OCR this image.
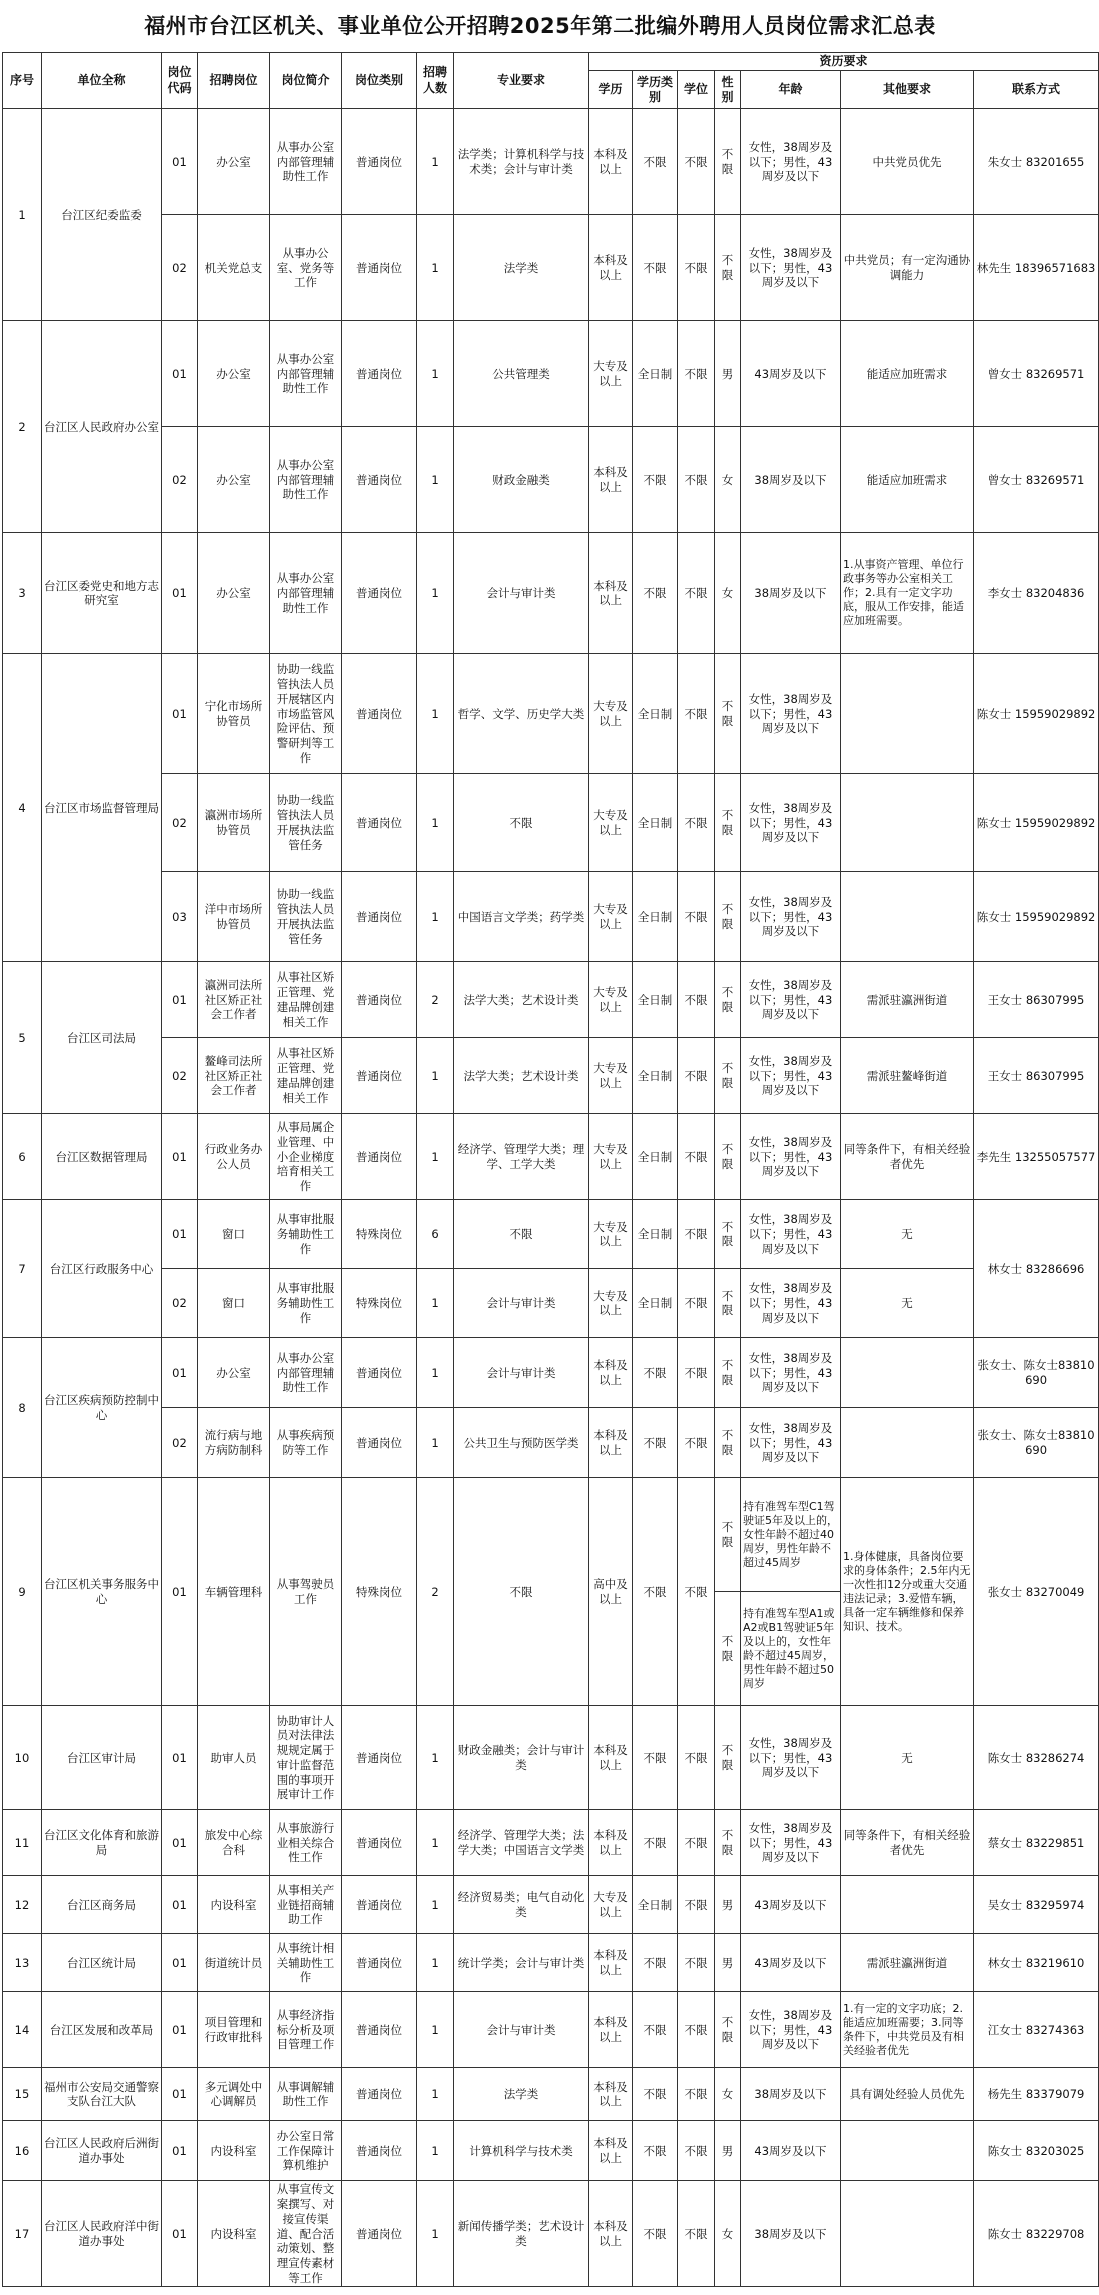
福州市台江区机关、事业单位公开招聘2025年第二批编外聘用人员岗位需求汇总表
序号	单位全称	岗位代码	招聘岗位	岗位简介	岗位类别	招聘人数	专业要求	资历要求						
								学历	学历类别	学位	性别	年龄	其他要求	联系方式
1	台江区纪委监委	01	办公室	从事办公室内部管理辅助性工作	普通岗位	1	法学类；计算机科学与技术类；会计与审计类	本科及以上	不限	不限	不限	女性，38周岁及以下；男性，43周岁及以下	中共党员优先	朱女士 83201655
		02	机关党总支	从事办公室、党务等工作	普通岗位	1	法学类	本科及以上	不限	不限	不限	女性，38周岁及以下；男性，43周岁及以下	中共党员；有一定沟通协调能力	林先生 18396571683
2	台江区人民政府办公室	01	办公室	从事办公室内部管理辅助性工作	普通岗位	1	公共管理类	大专及以上	全日制	不限	男	43周岁及以下	能适应加班需求	曾女士 83269571
		02	办公室	从事办公室内部管理辅助性工作	普通岗位	1	财政金融类	本科及以上	不限	不限	女	38周岁及以下	能适应加班需求	曾女士 83269571
3	台江区委党史和地方志研究室	01	办公室	从事办公室内部管理辅助性工作	普通岗位	1	会计与审计类	本科及以上	不限	不限	女	38周岁及以下	1.从事资产管理、单位行政事务等办公室相关工作；2.具有一定文字功底，服从工作安排，能适应加班需要。	李女士 83204836
4	台江区市场监督管理局	01	宁化市场所协管员	协助一线监管执法人员开展辖区内市场监管风险评估、预警研判等工作	普通岗位	1	哲学、文学、历史学大类	大专及以上	全日制	不限	不限	女性，38周岁及以下；男性，43周岁及以下		陈女士 15959029892
		02	瀛洲市场所协管员	协助一线监管执法人员开展执法监管任务	普通岗位	1	不限	大专及以上	全日制	不限	不限	女性，38周岁及以下；男性，43周岁及以下		陈女士 15959029892
		03	洋中市场所协管员	协助一线监管执法人员开展执法监管任务	普通岗位	1	中国语言文学类；药学类	大专及以上	全日制	不限	不限	女性，38周岁及以下；男性，43周岁及以下		陈女士 15959029892
5	台江区司法局	01	瀛洲司法所社区矫正社会工作者	从事社区矫正管理、党建品牌创建相关工作	普通岗位	2	法学大类；艺术设计类	大专及以上	全日制	不限	不限	女性，38周岁及以下；男性，43周岁及以下	需派驻瀛洲街道	王女士 86307995
		02	鳌峰司法所社区矫正社会工作者	从事社区矫正管理、党建品牌创建相关工作	普通岗位	1	法学大类；艺术设计类	大专及以上	全日制	不限	不限	女性，38周岁及以下；男性，43周岁及以下	需派驻鳌峰街道	王女士 86307995
6	台江区数据管理局	01	行政业务办公人员	从事局属企业管理、中小企业梯度培育相关工作	普通岗位	1	经济学、管理学大类；理学、工学大类	大专及以上	全日制	不限	不限	女性，38周岁及以下；男性，43周岁及以下	同等条件下，有相关经验者优先	李先生 13255057577
7	台江区行政服务中心	01	窗口	从事审批服务辅助性工作	特殊岗位	6	不限	大专及以上	全日制	不限	不限	女性，38周岁及以下；男性，43周岁及以下	无	林女士 83286696
		02	窗口	从事审批服务辅助性工作	特殊岗位	1	会计与审计类	大专及以上	全日制	不限	不限	女性，38周岁及以下；男性，43周岁及以下	无	
8	台江区疾病预防控制中心	01	办公室	从事办公室内部管理辅助性工作	普通岗位	1	会计与审计类	本科及以上	不限	不限	不限	女性，38周岁及以下；男性，43周岁及以下		张女士、陈女士83810690
		02	流行病与地方病防制科	从事疾病预防等工作	普通岗位	1	公共卫生与预防医学类	本科及以上	不限	不限	不限	女性，38周岁及以下；男性，43周岁及以下		张女士、陈女士83810690
9	台江区机关事务服务中心	01	车辆管理科	从事驾驶员工作	特殊岗位	2	不限	高中及以上	不限	不限	不限	持有准驾车型C1驾驶证5年及以上的，女性年龄不超过40周岁，男性年龄不超过45周岁	1.身体健康，具备岗位要求的身体条件；2.5年内无一次性扣12分或重大交通违法记录；3.爱惜车辆，具备一定车辆维修和保养知识、技术。	张女士 83270049
											不限	持有准驾车型A1或A2或B1驾驶证5年及以上的，女性年龄不超过45周岁，男性年龄不超过50周岁		
10	台江区审计局	01	助审人员	协助审计人员对法律法规规定属于审计监督范围的事项开展审计工作	普通岗位	1	财政金融类；会计与审计类	本科及以上	不限	不限	不限	女性，38周岁及以下；男性，43周岁及以下	无	陈女士 83286274
11	台江区文化体育和旅游局	01	旅发中心综合科	从事旅游行业相关综合性工作	普通岗位	1	经济学、管理学大类；法学大类；中国语言文学类	本科及以上	不限	不限	不限	女性，38周岁及以下；男性，43周岁及以下	同等条件下，有相关经验者优先	蔡女士 83229851
12	台江区商务局	01	内设科室	从事相关产业链招商辅助工作	普通岗位	1	经济贸易类；电气自动化类	大专及以上	全日制	不限	男	43周岁及以下		吴女士 83295974
13	台江区统计局	01	街道统计员	从事统计相关辅助性工作	普通岗位	1	统计学类；会计与审计类	本科及以上	不限	不限	男	43周岁及以下	需派驻瀛洲街道	林女士 83219610
14	台江区发展和改革局	01	项目管理和行政审批科	从事经济指标分析及项目管理工作	普通岗位	1	会计与审计类	本科及以上	不限	不限	不限	女性，38周岁及以下；男性，43周岁及以下	1.有一定的文字功底；2.能适应加班需要；3.同等条件下，中共党员及有相关经验者优先	江女士 83274363
15	福州市公安局交通警察支队台江大队	01	多元调处中心调解员	从事调解辅助性工作	普通岗位	1	法学类	本科及以上	不限	不限	女	38周岁及以下	具有调处经验人员优先	杨先生 83379079
16	台江区人民政府后洲街道办事处	01	内设科室	办公室日常工作保障计算机维护	普通岗位	1	计算机科学与技术类	本科及以上	不限	不限	男	43周岁及以下		陈女士 83203025
17	台江区人民政府洋中街道办事处	01	内设科室	从事宣传文案撰写、对接宣传渠道、配合活动策划、整理宣传素材等工作	普通岗位	1	新闻传播学类；艺术设计类	本科及以上	不限	不限	女	38周岁及以下		陈女士 83229708
